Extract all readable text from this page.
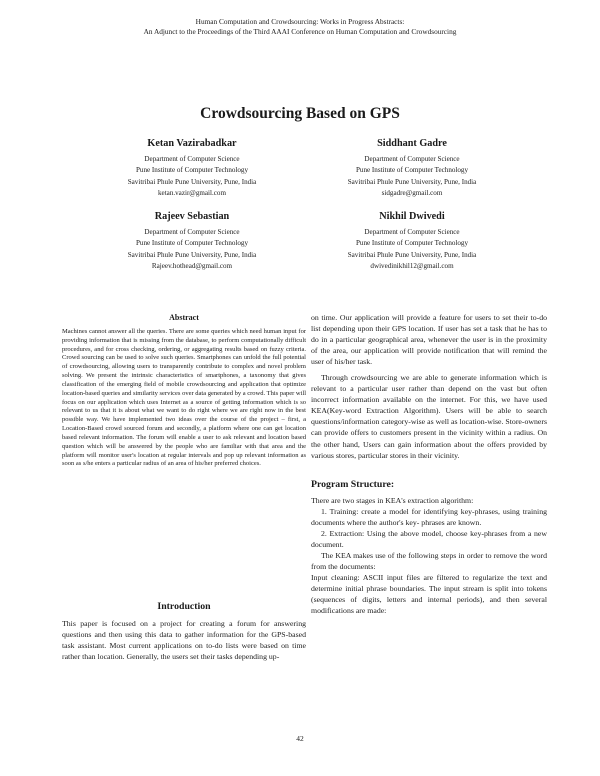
Human Computation and Crowdsourcing: Works in Progress Abstracts:
An Adjunct to the Proceedings of the Third AAAI Conference on Human Computation and Crowdsourcing
Crowdsourcing Based on GPS
Ketan Vazirabadkar
Department of Computer Science
Pune Institute of Computer Technology
Savitribai Phule Pune University, Pune, India
ketan.vazir@gmail.com
Siddhant Gadre
Department of Computer Science
Pune Institute of Computer Technology
Savitribai Phule Pune University, Pune, India
sidgadre@gmail.com
Rajeev Sebastian
Department of Computer Science
Pune Institute of Computer Technology
Savitribai Phule Pune University, Pune, India
Rajeev.hothead@gmail.com
Nikhil Dwivedi
Department of Computer Science
Pune Institute of Computer Technology
Savitribai Phule Pune University, Pune, India
dwivedinikhil12@gmail.com
Abstract

Machines cannot answer all the queries. There are some queries which need human input for providing information that is missing from the database, to perform computationally difficult procedures, and for cross checking, ordering, or aggregating results based on fuzzy criteria. Crowd sourcing can be used to solve such queries. Smartphones can unfold the full potential of crowdsourcing, allowing users to transparently contribute to complex and novel problem solving. We present the intrinsic characteristics of smartphones, a taxonomy that gives classification of the emerging field of mobile crowdsourcing and application that optimize location-based queries and similarity services over data generated by a crowd. This paper will focus on our application which uses Internet as a source of getting information which is so relevant to us that it is about what we want to do right where we are right now in the best possible way. We have implemented two ideas over the course of the project – first, a Location-Based crowd sourced forum and secondly, a platform where one can get location based relevant information. The forum will enable a user to ask relevant and location based question which will be answered by the people who are familiar with that area and the platform will monitor user's location at regular intervals and pop up relevant information as soon as s/he enters a particular radius of an area of his/her preferred choices.

Introduction

This paper is focused on a project for creating a forum for answering questions and then using this data to gather information for the GPS-based task assistant. Most current applications on to-do lists were based on time rather than location. Generally, the users set their tasks depending up-

on time. Our application will provide a feature for users to set their to-do list depending upon their GPS location. If user has set a task that he has to do in a particular geographical area, whenever the user is in the proximity of the area, our application will provide notification that will remind the user of his/her task.

Through crowdsourcing we are able to generate information which is relevant to a particular user rather than depend on the vast but often incorrect information available on the internet. For this, we have used KEA(Key-word Extraction Algorithm). Users will be able to search questions/information category-wise as well as location-wise. Store-owners can provide offers to customers present in the vicinity within a radius. On the other hand, Users can gain information about the offers provided by various stores, particular stores in their vicinity.

Program Structure:

There are two stages in KEA's extraction algorithm:

1. Training: create a model for identifying key-phrases, using training documents where the author's key- phrases are known.

2. Extraction: Using the above model, choose key-phrases from a new document.

The KEA makes use of the following steps in order to remove the word from the documents:

Input cleaning: ASCII input files are filtered to regularize the text and determine initial phrase boundaries. The input stream is split into tokens (sequences of digits, letters and internal periods), and then several modifications are made:

42
